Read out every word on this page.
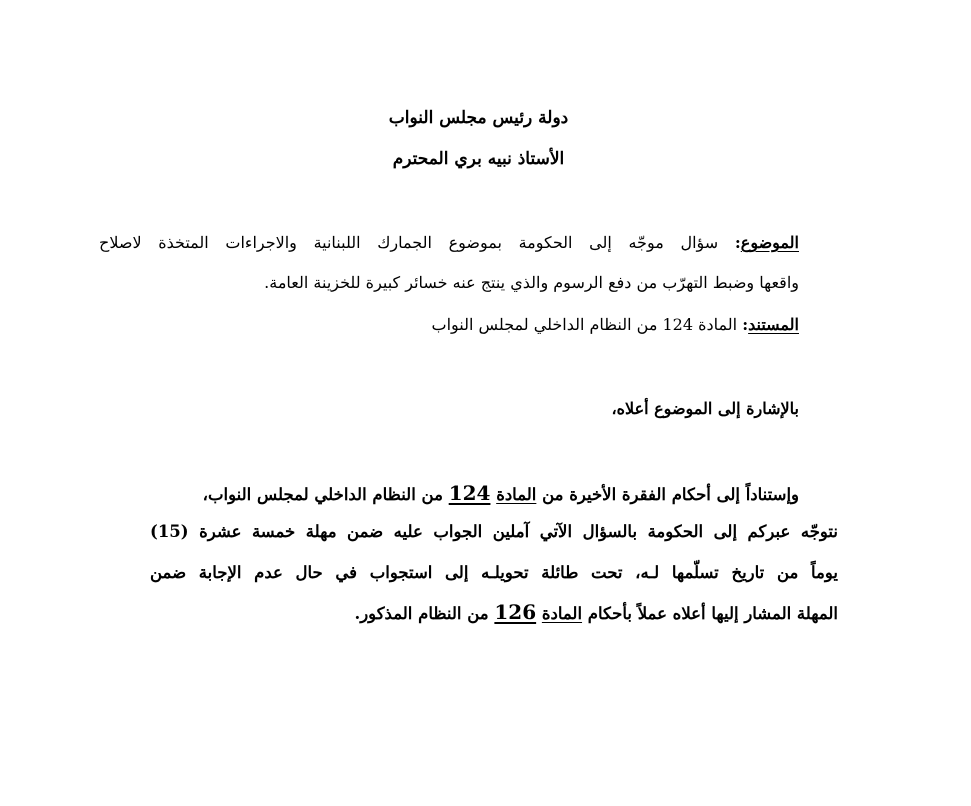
دولة رئيس مجلس النواب
الأستاذ نبيه بري المحترم
الموضوع: سؤال موجّه إلى الحكومة بموضوع الجمارك اللبنانية والاجراءات المتخذة لاصلاح
واقعها وضبط التهرّب من دفع الرسوم والذي ينتج عنه خسائر كبيرة للخزينة العامة.
المستند: المادة 124 من النظام الداخلي لمجلس النواب
بالإشارة إلى الموضوع أعلاه،
وإستناداً إلى أحكام الفقرة الأخيرة من المادة 124 من النظام الداخلي لمجلس النواب،
نتوجّه عبركم إلى الحكومة بالسؤال الآتي آملين الجواب عليه ضمن مهلة خمسة عشرة (15)
يوماً من تاريخ تسلّمها لـه، تحت طائلة تحويلـه إلى استجواب في حال عدم الإجابة ضمن
المهلة المشار إليها أعلاه عملاً بأحكام المادة 126 من النظام المذكور.
